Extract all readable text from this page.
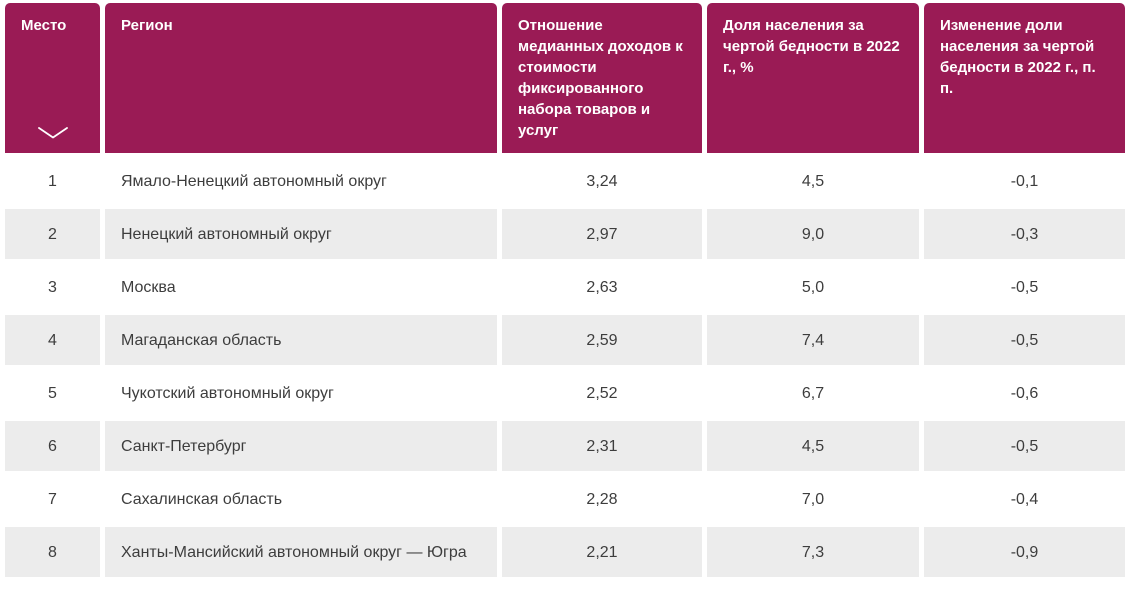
Место	Регион	Отношение медианных доходов к стоимости фиксированного набора товаров и услуг	Доля населения за чертой бедности в 2022 г., %	Изменение доли населения за чертой бедности в 2022 г., п. п.
1	Ямало-Ненецкий автономный округ	3,24	4,5	-0,1
2	Ненецкий автономный округ	2,97	9,0	-0,3
3	Москва	2,63	5,0	-0,5
4	Магаданская область	2,59	7,4	-0,5
5	Чукотский автономный округ	2,52	6,7	-0,6
6	Санкт-Петербург	2,31	4,5	-0,5
7	Сахалинская область	2,28	7,0	-0,4
8	Ханты-Мансийский автономный округ — Югра	2,21	7,3	-0,9
